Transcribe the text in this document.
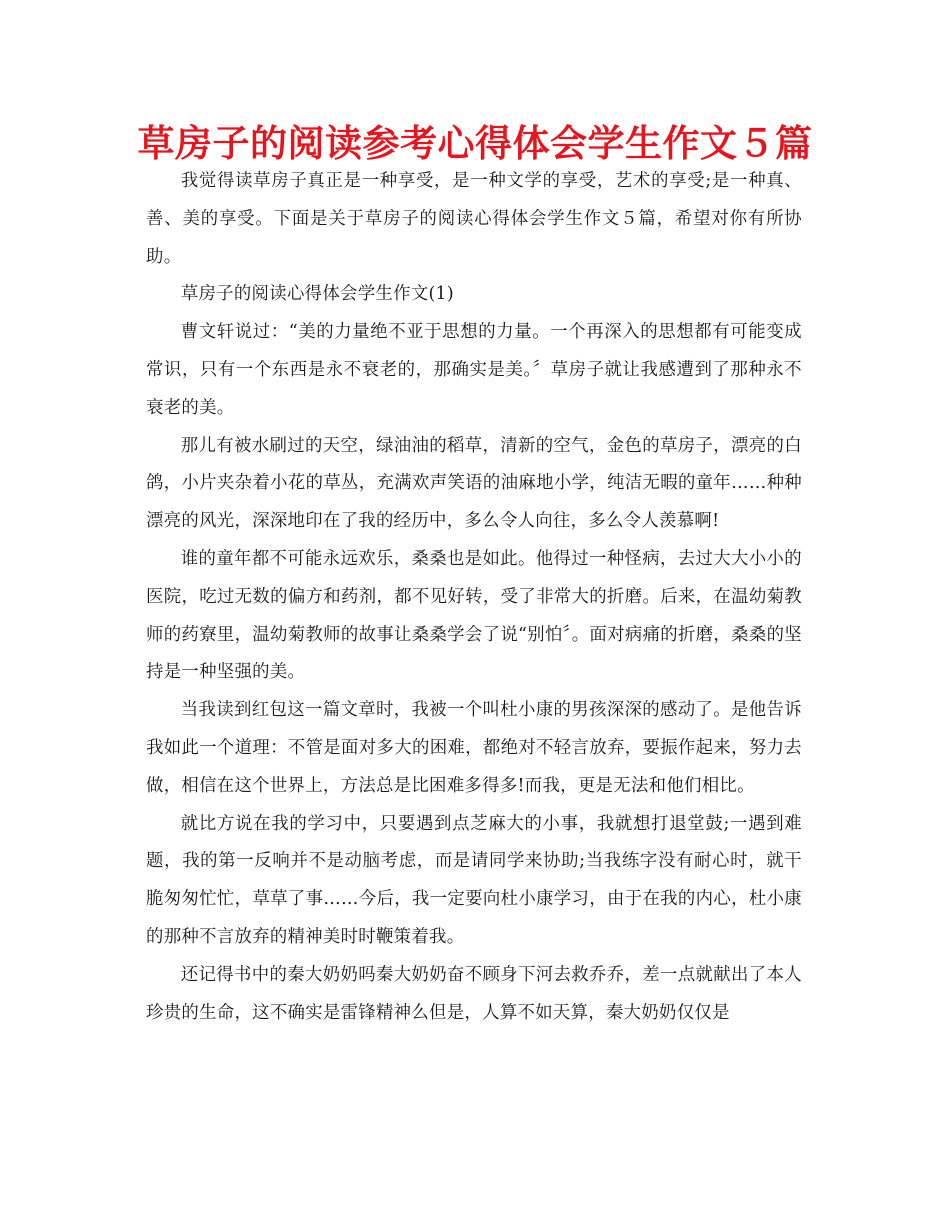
草房子的阅读参考心得体会学生作文５篇

我觉得读草房子真正是一种享受，是一种文学的享受，艺术的享受;是一种真、善、美的享受。下面是关于草房子的阅读心得体会学生作文５篇，希望对你有所协助。

草房子的阅读心得体会学生作文(1)

曹文轩说过：“美的力量绝不亚于思想的力量。一个再深入的思想都有可能变成常识，只有一个东西是永不衰老的，那确实是美。〞草房子就让我感遭到了那种永不衰老的美。

那儿有被水刷过的天空，绿油油的稻草，清新的空气，金色的草房子，漂亮的白鸽，小片夹杂着小花的草丛，充满欢声笑语的油麻地小学，纯洁无暇的童年……种种漂亮的风光，深深地印在了我的经历中，多么令人向往，多么令人羡慕啊!

谁的童年都不可能永远欢乐，桑桑也是如此。他得过一种怪病，去过大大小小的医院，吃过无数的偏方和药剂，都不见好转，受了非常大的折磨。后来，在温幼菊教师的药寮里，温幼菊教师的故事让桑桑学会了说“别怕〞。面对病痛的折磨，桑桑的坚持是一种坚强的美。

当我读到红包这一篇文章时，我被一个叫杜小康的男孩深深的感动了。是他告诉我如此一个道理：不管是面对多大的困难，都绝对不轻言放弃，要振作起来，努力去做，相信在这个世界上，方法总是比困难多得多!而我，更是无法和他们相比。

就比方说在我的学习中，只要遇到点芝麻大的小事，我就想打退堂鼓;一遇到难题，我的第一反响并不是动脑考虑，而是请同学来协助;当我练字没有耐心时，就干脆匆匆忙忙，草草了事……今后，我一定要向杜小康学习，由于在我的内心，杜小康的那种不言放弃的精神美时时鞭策着我。

还记得书中的秦大奶奶吗秦大奶奶奋不顾身下河去救乔乔，差一点就献出了本人珍贵的生命，这不确实是雷锋精神么但是，人算不如天算，秦大奶奶仅仅是
